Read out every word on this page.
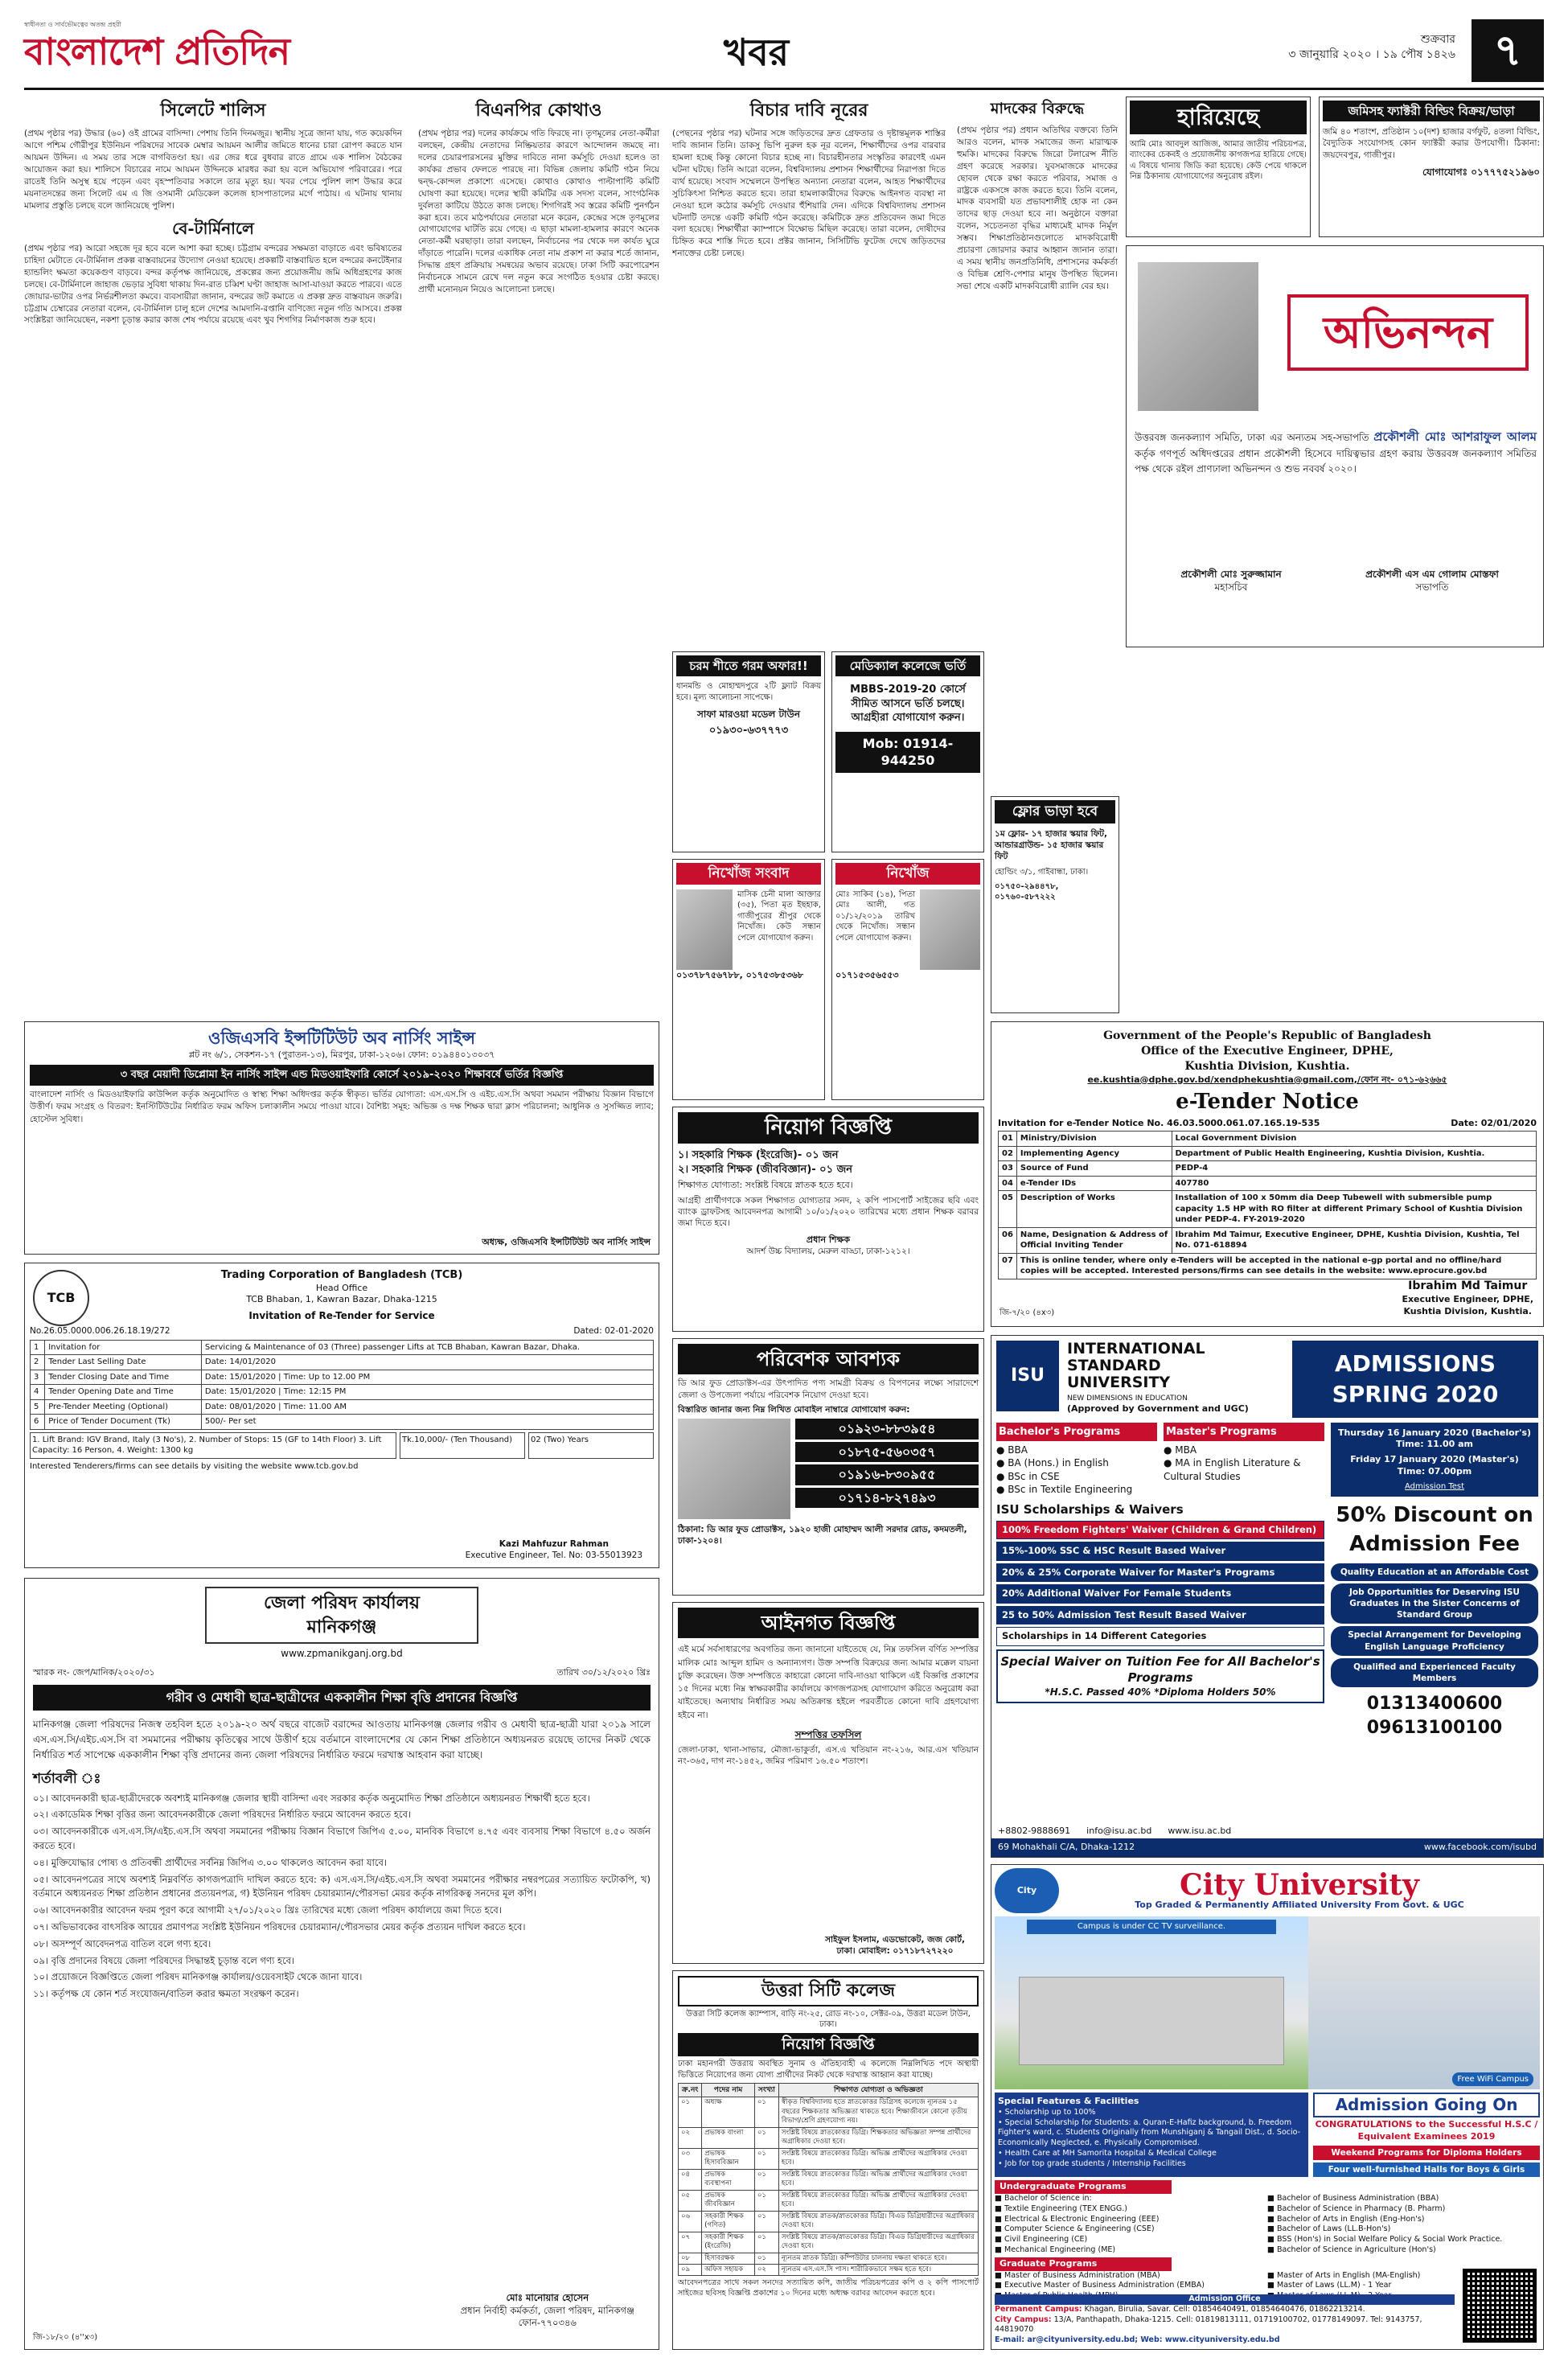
স্বাধীনতা ও সার্বভৌমত্বের অতন্দ্র প্রহরী
বাংলাদেশ প্রতিদিন	খবর	শুক্রবার
৩ জানুয়ারি ২০২০ । ১৯ পৌষ ১৪২৬ ৭
সিলেটে শালিস

(প্রথম পৃষ্ঠার পর) উদ্ধার (৬০) ওই গ্রামের বাসিন্দা। পেশায় তিনি দিনমজুর। স্থানীয় সূত্রে জানা যায়, গত কয়েকদিন আগে পশ্চিম গৌরীপুর ইউনিয়ন পরিষদের সাবেক মেম্বার আয়মন আলীর জমিতে ধানের চারা রোপণ করতে যান আয়মন উদ্দিন। এ সময় তার সঙ্গে বাগবিতণ্ডা হয়। এর জের ধরে বুধবার রাতে গ্রামে এক শালিস বৈঠকের আয়োজন করা হয়। শালিসে বিচারের নামে আয়মন উদ্দিনকে মারধর করা হয় বলে অভিযোগ পরিবারের। পরে রাতেই তিনি অসুস্থ হয়ে পড়েন এবং বৃহস্পতিবার সকালে তার মৃত্যু হয়। খবর পেয়ে পুলিশ লাশ উদ্ধার করে ময়নাতদন্তের জন্য সিলেট এম এ জি ওসমানী মেডিকেল কলেজ হাসপাতালের মর্গে পাঠায়। এ ঘটনায় থানায় মামলার প্রস্তুতি চলছে বলে জানিয়েছে পুলিশ।

বে-টার্মিনালে

(প্রথম পৃষ্ঠার পর) আরো সহজে দূর হবে বলে আশা করা হচ্ছে। চট্টগ্রাম বন্দরের সক্ষমতা বাড়াতে এবং ভবিষ্যতের চাহিদা মেটাতে বে-টার্মিনাল প্রকল্প বাস্তবায়নের উদ্যোগ নেওয়া হয়েছে। প্রকল্পটি বাস্তবায়িত হলে বন্দরের কনটেইনার হ্যান্ডলিং ক্ষমতা কয়েকগুণ বাড়বে। বন্দর কর্তৃপক্ষ জানিয়েছে, প্রকল্পের জন্য প্রয়োজনীয় জমি অধিগ্রহণের কাজ চলছে। বে-টার্মিনালে জাহাজ ভেড়ার সুবিধা থাকায় দিন-রাত চব্বিশ ঘণ্টা জাহাজ আসা-যাওয়া করতে পারবে। এতে জোয়ার-ভাটার ওপর নির্ভরশীলতা কমবে। ব্যবসায়ীরা জানান, বন্দরের জট কমাতে এ প্রকল্প দ্রুত বাস্তবায়ন জরুরি। চট্টগ্রাম চেম্বারের নেতারা বলেন, বে-টার্মিনাল চালু হলে দেশের আমদানি-রপ্তানি বাণিজ্যে নতুন গতি আসবে। প্রকল্প সংশ্লিষ্টরা জানিয়েছেন, নকশা চূড়ান্ত করার কাজ শেষ পর্যায়ে রয়েছে এবং খুব শিগগির নির্মাণকাজ শুরু হবে।

বিএনপির কোথাও

(প্রথম পৃষ্ঠার পর) দলের কার্যক্রমে গতি ফিরছে না। তৃণমূলের নেতা-কর্মীরা বলছেন, কেন্দ্রীয় নেতাদের নিষ্ক্রিয়তার কারণে আন্দোলন জমছে না। দলের চেয়ারপারসনের মুক্তির দাবিতে নানা কর্মসূচি দেওয়া হলেও তা কার্যকর প্রভাব ফেলতে পারছে না। বিভিন্ন জেলায় কমিটি গঠন নিয়ে দ্বন্দ্ব-কোন্দল প্রকাশ্যে এসেছে। কোথাও কোথাও পাল্টাপাল্টি কমিটি ঘোষণা করা হয়েছে। দলের স্থায়ী কমিটির এক সদস্য বলেন, সাংগঠনিক দুর্বলতা কাটিয়ে উঠতে কাজ চলছে। শিগগিরই সব স্তরের কমিটি পুনর্গঠন করা হবে। তবে মাঠপর্যায়ের নেতারা মনে করেন, কেন্দ্রের সঙ্গে তৃণমূলের যোগাযোগের ঘাটতি রয়ে গেছে। এ ছাড়া মামলা-হামলার কারণে অনেক নেতা-কর্মী ঘরছাড়া। তারা বলছেন, নির্বাচনের পর থেকে দল কার্যত ঘুরে দাঁড়াতে পারেনি। দলের একাধিক নেতা নাম প্রকাশ না করার শর্তে জানান, সিদ্ধান্ত গ্রহণ প্রক্রিয়ায় সমন্বয়ের অভাব রয়েছে। ঢাকা সিটি করপোরেশন নির্বাচনকে সামনে রেখে দল নতুন করে সংগঠিত হওয়ার চেষ্টা করছে। প্রার্থী মনোনয়ন নিয়েও আলোচনা চলছে।

বিচার দাবি নূরের

(পেছনের পৃষ্ঠার পর) ঘটনার সঙ্গে জড়িতদের দ্রুত গ্রেফতার ও দৃষ্টান্তমূলক শাস্তির দাবি জানান তিনি। ডাকসু ভিপি নুরুল হক নূর বলেন, শিক্ষার্থীদের ওপর বারবার হামলা হচ্ছে কিন্তু কোনো বিচার হচ্ছে না। বিচারহীনতার সংস্কৃতির কারণেই এমন ঘটনা ঘটছে। তিনি আরো বলেন, বিশ্ববিদ্যালয় প্রশাসন শিক্ষার্থীদের নিরাপত্তা দিতে ব্যর্থ হয়েছে। সংবাদ সম্মেলনে উপস্থিত অন্যান্য নেতারা বলেন, আহত শিক্ষার্থীদের সুচিকিৎসা নিশ্চিত করতে হবে। তারা হামলাকারীদের বিরুদ্ধে আইনগত ব্যবস্থা না নেওয়া হলে কঠোর কর্মসূচি দেওয়ার হুঁশিয়ারি দেন। এদিকে বিশ্ববিদ্যালয় প্রশাসন ঘটনাটি তদন্তে একটি কমিটি গঠন করেছে। কমিটিকে দ্রুত প্রতিবেদন জমা দিতে বলা হয়েছে। শিক্ষার্থীরা ক্যাম্পাসে বিক্ষোভ মিছিল করেছে। তারা বলেন, দোষীদের চিহ্নিত করে শাস্তি দিতে হবে। প্রক্টর জানান, সিসিটিভি ফুটেজ দেখে জড়িতদের শনাক্তের চেষ্টা চলছে।

মাদকের বিরুদ্ধে

(প্রথম পৃষ্ঠার পর) প্রধান অতিথির বক্তব্যে তিনি আরও বলেন, মাদক সমাজের জন্য মারাত্মক হুমকি। মাদকের বিরুদ্ধে জিরো টলারেন্স নীতি গ্রহণ করেছে সরকার। যুবসমাজকে মাদকের ছোবল থেকে রক্ষা করতে পরিবার, সমাজ ও রাষ্ট্রকে একসঙ্গে কাজ করতে হবে। তিনি বলেন, মাদক ব্যবসায়ী যত প্রভাবশালীই হোক না কেন তাদের ছাড় দেওয়া হবে না। অনুষ্ঠানে বক্তারা বলেন, সচেতনতা বৃদ্ধির মাধ্যমেই মাদক নির্মূল সম্ভব। শিক্ষাপ্রতিষ্ঠানগুলোতে মাদকবিরোধী প্রচারণা জোরদার করার আহ্বান জানান তারা। এ সময় স্থানীয় জনপ্রতিনিধি, প্রশাসনের কর্মকর্তা ও বিভিন্ন শ্রেণি-পেশার মানুষ উপস্থিত ছিলেন। সভা শেষে একটি মাদকবিরোধী র‌্যালি বের হয়।

হারিয়েছে
আমি মোঃ আবদুল আজিজ, আমার জাতীয় পরিচয়পত্র, ব্যাংকের চেকবই ও প্রয়োজনীয় কাগজপত্র হারিয়ে গেছে। এ বিষয়ে থানায় জিডি করা হয়েছে। কেউ পেয়ে থাকলে নিম্ন ঠিকানায় যোগাযোগের অনুরোধ রইল।
জমিসহ ফ্যাক্টরী বিল্ডিং বিক্রয়/ভাড়া
জমি ৪০ শতাংশ, প্রতিষ্ঠান ১০(দশ) হাজার বর্গফুট, ৪তলা বিল্ডিং, বৈদ্যুতিক সংযোগসহ কোন ফ্যাক্টরী করার উপযোগী। ঠিকানা: জয়দেবপুর, গাজীপুর।
যোগাযোগঃ ০১৭৭৭৫২১৯৬০
অভিনন্দন
উত্তরবঙ্গ জনকল্যাণ সমিতি, ঢাকা এর অন্যতম সহ-সভাপতি প্রকৌশলী মোঃ আশরাফুল আলম কর্তৃক গণপূর্ত অধিদপ্তরের প্রধান প্রকৌশলী হিসেবে দায়িত্বভার গ্রহণ করায় উত্তরবঙ্গ জনকল্যাণ সমিতির পক্ষ থেকে রইল প্রাণঢালা অভিনন্দন ও শুভ নববর্ষ ২০২০।
প্রকৌশলী মোঃ সুরুজ্জামান
মহাসচিব
প্রকৌশলী এস এম গোলাম মোস্তফা
সভাপতি
চরম শীতে গরম অফার!!
ধানমন্ডি ও মোহাম্মদপুরে ২টি ফ্ল্যাট বিক্রয় হবে। মূল্য আলোচনা সাপেক্ষে।
সাফা মারওয়া মডেল টাউন
০১৯৩০-৬৩৭৭৭৩
মেডিক্যাল কলেজে ভর্তি
MBBS-2019-20 কোর্সে সীমিত আসনে ভর্তি চলছে। আগ্রহীরা যোগাযোগ করুন।
Mob: 01914-944250
ফ্লোর ভাড়া হবে
১ম ফ্লোর- ১৭ হাজার স্কয়ার ফিট, আন্ডারগ্রাউন্ড- ১৫ হাজার স্কয়ার ফিট
হোল্ডিং ৩/১, গাইবান্ধা, ঢাকা।
০১৭৫০-২৯৪৪৭৮, ০১৭৬০-৫৮৭২২২
নিখোঁজ সংবাদ
মাসিক চেনী মালা আক্তার (৩৫), পিতা মৃত ইছহাক, গাজীপুরের শ্রীপুর থেকে নিখোঁজ। কেউ সন্ধান পেলে যোগাযোগ করুন।
০১৩৭৮৭৫৬৭৮৮, ০১৭৫৩৮৫৩৬৮
নিখোঁজ
মোঃ সাকিব (১৪), পিতা মোঃ আলী, গত ০১/১২/২০১৯ তারিখ থেকে নিখোঁজ। সন্ধান পেলে যোগাযোগ করুন।
০১৭১৫৩৫৬৫৫৩
Government of the People's Republic of Bangladesh
Office of the Executive Engineer, DPHE,
Kushtia Division, Kushtia.
ee.kushtia@dphe.gov.bd/xendphekushtia@gmail.com,/ফোন নং- ০৭১-৬২৬৬৫
e-Tender Notice
Invitation for e-Tender Notice No. 46.03.5000.061.07.165.19-535	Date: 02/01/2020
01	Ministry/Division	Local Government Division
02	Implementing Agency	Department of Public Health Engineering, Kushtia Division, Kushtia.
03	Source of Fund	PEDP-4
04	e-Tender IDs	407780
05	Description of Works	Installation of 100 x 50mm dia Deep Tubewell with submersible pump capacity 1.5 HP with RO filter at different Primary School of Kushtia Division under PEDP-4. FY-2019-2020
06	Name, Designation & Address of Official Inviting Tender	Ibrahim Md Taimur, Executive Engineer, DPHE, Kushtia Division, Kushtia, Tel No. 071-618894
07	This is online tender, where only e-Tenders will be accepted in the national e-gp portal and no offline/hard copies will be accepted. Interested persons/firms can see details in the website: www.eprocure.gov.bd	
Ibrahim Md Taimur
Executive Engineer, DPHE,
Kushtia Division, Kushtia.
জি-৭/২০ (৪x৩)
ওজিএসবি ইন্সটিটিউট অব নার্সিং সাইন্স
প্লট নং ৬/১, সেকশন-১৭ (পুরাতন-১৩), মিরপুর, ঢাকা-১২০৬। ফোন: ০১৯৪৪০১৩০৩৭
৩ বছর মেয়াদী ডিপ্লোমা ইন নার্সিং সাইন্স এন্ড মিডওয়াইফারি কোর্সে ২০১৯-২০২০ শিক্ষাবর্ষে ভর্তির বিজ্ঞপ্তি
বাংলাদেশ নার্সিং ও মিডওয়াইফারি কাউন্সিল কর্তৃক অনুমোদিত ও স্বাস্থ্য শিক্ষা অধিদপ্তর কর্তৃক স্বীকৃত। ভর্তির যোগ্যতা: এস.এস.সি ও এইচ.এস.সি অথবা সমমান পরীক্ষায় বিজ্ঞান বিভাগে উত্তীর্ণ। ফরম সংগ্রহ ও বিতরণ: ইনস্টিটিউটের নির্ধারিত ফরম অফিস চলাকালীন সময়ে পাওয়া যাবে। বৈশিষ্ট্য সমূহ: অভিজ্ঞ ও দক্ষ শিক্ষক দ্বারা ক্লাস পরিচালনা; আধুনিক ও সুসজ্জিত ল্যাব; হোস্টেল সুবিধা।
অধ্যক্ষ, ওজিএসবি ইন্সটিটিউট অব নার্সিং সাইন্স
নিয়োগ বিজ্ঞপ্তি
১। সহকারি শিক্ষক (ইংরেজি)- ০১ জন
২। সহকারি শিক্ষক (জীববিজ্ঞান)- ০১ জন
শিক্ষাগত যোগ্যতা: সংশ্লিষ্ট বিষয়ে স্নাতক হতে হবে।
আগ্রহী প্রার্থীগণকে সকল শিক্ষাগত যোগ্যতার সনদ, ২ কপি পাসপোর্ট সাইজের ছবি এবং ব্যাংক ড্রাফটসহ আবেদনপত্র আগামী ১০/০১/২০২০ তারিখের মধ্যে প্রধান শিক্ষক বরাবর জমা দিতে হবে।
প্রধান শিক্ষক
আদর্শ উচ্চ বিদ্যালয়, মেরুল বাড্ডা, ঢাকা-১২১২।
TCB
Trading Corporation of Bangladesh (TCB)
Head Office
TCB Bhaban, 1, Kawran Bazar, Dhaka-1215
Invitation of Re-Tender for Service
No.26.05.0000.006.26.18.19/272	Dated: 02-01-2020
1	Invitation for	Servicing & Maintenance of 03 (Three) passenger Lifts at TCB Bhaban, Kawran Bazar, Dhaka.
2	Tender Last Selling Date	Date: 14/01/2020
3	Tender Closing Date and Time	Date: 15/01/2020 | Time: Up to 12.00 PM
4	Tender Opening Date and Time	Date: 15/01/2020 | Time: 12:15 PM
5	Pre-Tender Meeting (Optional)	Date: 08/01/2020 | Time: 11.00 AM
6	Price of Tender Document (Tk)	500/- Per set
1. Lift Brand: IGV Brand, Italy (3 No's), 2. Number of Stops: 15 (GF to 14th Floor) 3. Lift Capacity: 16 Person, 4. Weight: 1300 kg
Tk.10,000/- (Ten Thousand)	02 (Two) Years
Interested Tenderers/firms can see details by visiting the website www.tcb.gov.bd
Kazi Mahfuzur Rahman
Executive Engineer, Tel. No: 03-55013923
জেলা পরিষদ কার্যালয়
মানিকগঞ্জ
www.zpmanikganj.org.bd
স্মারক নং- জেপ/মানিক/২০২০/৩১	তারিখ ৩০/১২/২০২০ খ্রিঃ
গরীব ও মেধাবী ছাত্র-ছাত্রীদের এককালীন শিক্ষা বৃত্তি প্রদানের বিজ্ঞপ্তি
মানিকগঞ্জ জেলা পরিষদের নিজস্ব তহবিল হতে ২০১৯-২০ অর্থ বছরে বাজেট বরাদ্দের আওতায় মানিকগঞ্জ জেলার গরীব ও মেধাবী ছাত্র-ছাত্রী যারা ২০১৯ সালে এস.এস.সি/এইচ.এস.সি বা সমমানের পরীক্ষায় কৃতিত্বের সাথে উত্তীর্ণ হয়ে বর্তমানে বাংলাদেশের যে কোন শিক্ষা প্রতিষ্ঠানে অধ্যয়নরত রয়েছে তাদের নিকট থেকে নির্ধারিত শর্ত সাপেক্ষে এককালীন শিক্ষা বৃত্তি প্রদানের জন্য জেলা পরিষদের নির্ধারিত ফরমে দরখাস্ত আহবান করা যাচ্ছে।
শর্তাবলী ঃ
০১। আবেদনকারী ছাত্র-ছাত্রীদেরকে অবশ্যই মানিকগঞ্জ জেলার স্থায়ী বাসিন্দা এবং সরকার কর্তৃক অনুমোদিত শিক্ষা প্রতিষ্ঠানে অধ্যয়নরত শিক্ষার্থী হতে হবে।
০২। একাডেমিক শিক্ষা বৃত্তির জন্য আবেদনকারীকে জেলা পরিষদের নির্ধারিত ফরমে আবেদন করতে হবে।
০৩। আবেদনকারীকে এস.এস.সি/এইচ.এস.সি অথবা সমমানের পরীক্ষায় বিজ্ঞান বিভাগে জিপিএ ৫.০০, মানবিক বিভাগে ৪.৭৫ এবং ব্যবসায় শিক্ষা বিভাগে ৪.৫০ অর্জন করতে হবে।
০৪। মুক্তিযোদ্ধার পোষ্য ও প্রতিবন্ধী প্রার্থীদের সর্বনিম্ন জিপিএ ৩.০০ থাকলেও আবেদন করা যাবে।
০৫। আবেদনপত্রের সাথে অবশ্যই নিম্নবর্ণিত কাগজপত্রাদি দাখিল করতে হবে: ক) এস.এস.সি/এইচ.এস.সি অথবা সমমানের পরীক্ষার নম্বরপত্রের সত্যায়িত ফটোকপি, খ) বর্তমানে অধ্যয়নরত শিক্ষা প্রতিষ্ঠান প্রধানের প্রত্যয়নপত্র, গ) ইউনিয়ন পরিষদ চেয়ারম্যান/পৌরসভা মেয়র কর্তৃক নাগরিকত্ব সনদের মূল কপি।
০৬। আবেদনকারীর আবেদন ফরম পূরণ করে আগামী ২৭/০১/২০২০ খ্রিঃ তারিখের মধ্যে জেলা পরিষদ কার্যালয়ে জমা দিতে হবে।
০৭। অভিভাবকের বাৎসরিক আয়ের প্রমাণপত্র সংশ্লিষ্ট ইউনিয়ন পরিষদের চেয়ারম্যান/পৌরসভার মেয়র কর্তৃক প্রত্যয়ন দাখিল করতে হবে।
০৮। অসম্পূর্ণ আবেদনপত্র বাতিল বলে গণ্য হবে।
০৯। বৃত্তি প্রদানের বিষয়ে জেলা পরিষদের সিদ্ধান্তই চূড়ান্ত বলে গণ্য হবে।
১০। প্রয়োজনে বিজ্ঞপ্তিতে জেলা পরিষদ মানিকগঞ্জ কার্যালয়/ওয়েবসাইট থেকে জানা যাবে।
১১। কর্তৃপক্ষ যে কোন শর্ত সংযোজন/বাতিল করার ক্ষমতা সংরক্ষণ করেন।
মোঃ মানোয়ার হোসেন
প্রধান নির্বাহী কর্মকর্তা, জেলা পরিষদ, মানিকগঞ্জ
ফোন-৭৭০৩৪৬
জি-১৮/২০ (৪''x৩)
পরিবেশক আবশ্যক
ডি আর ফুড প্রোডাক্টস-এর উৎপাদিত পণ্য সামগ্রী বিক্রয় ও বিপণনের লক্ষ্যে সারাদেশে জেলা ও উপজেলা পর্যায়ে পরিবেশক নিয়োগ দেওয়া হবে।
বিস্তারিত জানার জন্য নিম্ন লিখিত মোবাইল নাম্বারে যোগাযোগ করুন:
০১৯২৩-৮৮৩৯৫৪
০১৮৭৫-৫৬০৩৫৭
০১৯১৬-৮৩০৯৫৫
০১৭১৪-৮২৭৪৯৩
ঠিকানা: ডি আর ফুড প্রোডাক্টস, ১৯২০ হাজী মোহাম্মদ আলী সরদার রোড, কদমতলী, ঢাকা-১২০৪।
আইনগত বিজ্ঞপ্তি
এই মর্মে সর্বসাধারণের অবগতির জন্য জানানো যাইতেছে যে, নিম্ন তফসিল বর্ণিত সম্পত্তির মালিক মোঃ আব্দুল হামিদ ও অন্যান্যগণ। উক্ত সম্পত্তি বিক্রয়ের জন্য আমার মক্কেল বায়না চুক্তি করেছেন। উক্ত সম্পত্তিতে কাহারো কোনো দাবি-দাওয়া থাকিলে এই বিজ্ঞপ্তি প্রকাশের ১৫ দিনের মধ্যে নিম্ন স্বাক্ষরকারীর কার্যালয়ে কাগজপত্রসহ যোগাযোগ করিতে অনুরোধ করা যাইতেছে। অন্যথায় নির্ধারিত সময় অতিক্রান্ত হইলে পরবর্তীতে কোনো দাবি গ্রহণযোগ্য হইবে না।
সম্পত্তির তফসিল
জেলা-ঢাকা, থানা-সাভার, মৌজা-ভাকুর্তা, এস.এ খতিয়ান নং-২১৬, আর.এস খতিয়ান নং-৩৬৫, দাগ নং-১৪৫২, জমির পরিমাণ ১৬.৫০ শতাংশ।
সাইফুল ইসলাম, এডভোকেট, জজ কোর্ট, ঢাকা। মোবাইল: ০১৭১৮৭২৭২২০
উত্তরা সিটি কলেজ
উত্তরা সিটি কলেজ ক্যাম্পাস, বাড়ি নং-২৫, রোড নং-১০, সেক্টর-০৯, উত্তরা মডেল টাউন, ঢাকা।
নিয়োগ বিজ্ঞপ্তি
ঢাকা মহানগরী উত্তরায় অবস্থিত সুনাম ও ঐতিহ্যবাহী এ কলেজে নিম্নলিখিত পদে অস্থায়ী ভিত্তিতে নিয়োগের জন্য যোগ্য প্রার্থীদের নিকট থেকে দরখাস্ত আহ্বান করা যাচ্ছে।
ক্র.নং	পদের নাম	সংখ্যা	শিক্ষাগত যোগ্যতা ও অভিজ্ঞতা
০১	অধ্যক্ষ	০১	স্বীকৃত বিশ্ববিদ্যালয় হতে স্নাতকোত্তর ডিগ্রিসহ কলেজে ন্যূনতম ১৫ বছরের শিক্ষকতার অভিজ্ঞতা থাকতে হবে। শিক্ষাজীবনে কোনো তৃতীয় বিভাগ/শ্রেণি গ্রহণযোগ্য নয়।
০২	প্রভাষক বাংলা	০১	সংশ্লিষ্ট বিষয়ে স্নাতকোত্তর ডিগ্রি। শিক্ষকতার অভিজ্ঞতা সম্পন্ন প্রার্থীদের অগ্রাধিকার দেওয়া হবে।
০৩	প্রভাষক হিসাববিজ্ঞান	০১	সংশ্লিষ্ট বিষয়ে স্নাতকোত্তর ডিগ্রি। অভিজ্ঞ প্রার্থীদের অগ্রাধিকার দেওয়া হবে।
০৪	প্রভাষক ব্যবস্থাপনা	০১	সংশ্লিষ্ট বিষয়ে স্নাতকোত্তর ডিগ্রি। অভিজ্ঞ প্রার্থীদের অগ্রাধিকার দেওয়া হবে।
০৫	প্রভাষক জীববিজ্ঞান	০১	সংশ্লিষ্ট বিষয়ে স্নাতকোত্তর ডিগ্রি। অভিজ্ঞ প্রার্থীদের অগ্রাধিকার দেওয়া হবে।
০৬	সহকারী শিক্ষক (গণিত)	০১	সংশ্লিষ্ট বিষয়ে স্নাতক/স্নাতকোত্তর ডিগ্রি। বিএড ডিগ্রিধারীদের অগ্রাধিকার দেওয়া হবে।
০৭	সহকারী শিক্ষক (ইংরেজি)	০১	সংশ্লিষ্ট বিষয়ে স্নাতক/স্নাতকোত্তর ডিগ্রি। বিএড ডিগ্রিধারীদের অগ্রাধিকার দেওয়া হবে।
০৮	হিসাবরক্ষক	০১	ন্যূনতম স্নাতক ডিগ্রি। কম্পিউটার চালনায় দক্ষতা থাকতে হবে।
০৯	অফিস সহায়ক	০২	ন্যূনতম এস.এস.সি পাস। শারীরিকভাবে সক্ষম হতে হবে।
আবেদনপত্রের সাথে সকল সনদের সত্যায়িত কপি, জাতীয় পরিচয়পত্রের কপি ও ২ কপি পাসপোর্ট সাইজের ছবিসহ বিজ্ঞপ্তি প্রকাশের ১০ দিনের মধ্যে অধ্যক্ষ বরাবর আবেদন করতে হবে।
ISU
INTERNATIONAL
STANDARD
UNIVERSITY
NEW DIMENSIONS IN EDUCATION
(Approved by Government and UGC)
ADMISSIONS
SPRING 2020
Bachelor's Programs
● BBA
● BA (Hons.) in English
● BSc in CSE
● BSc in Textile Engineering
Master's Programs
● MBA
● MA in English Literature & Cultural Studies
Thursday 16 January 2020 (Bachelor's) Time: 11.00 am
Friday 17 January 2020 (Master's) Time: 07.00pm
Admission Test
ISU Scholarships & Waivers
100% Freedom Fighters' Waiver (Children & Grand Children)
15%-100% SSC & HSC Result Based Waiver
20% & 25% Corporate Waiver for Master's Programs
20% Additional Waiver For Female Students
25 to 50% Admission Test Result Based Waiver
Scholarships in 14 Different Categories
Special Waiver on Tuition Fee for All Bachelor's Programs
*H.S.C. Passed 40% *Diploma Holders 50%
50% Discount on
Admission Fee
Quality Education at an Affordable Cost
Job Opportunities for Deserving ISU Graduates in the Sister Concerns of Standard Group
Special Arrangement for Developing English Language Proficiency
Qualified and Experienced Faculty Members
01313400600
09613100100
69 Mohakhali C/A, Dhaka-1212	www.facebook.com/isubd
+8802-9888691 info@isu.ac.bd www.isu.ac.bd
City	City University
Top Graded & Permanently Affiliated University From Govt. & UGC
Campus is under CC TV surveillance.
Free WiFi Campus
Special Features & Facilities
• Scholarship up to 100%
• Special Scholarship for Students: a. Quran-E-Hafiz background, b. Freedom Fighter's ward, c. Students Originally from Munshiganj & Tangail Dist., d. Socio-Economically Neglected, e. Physically Compromised.
• Health Care at MH Samorita Hospital & Medical College
• Job for top grade students / Internship Facilities
Admission Going On
CONGRATULATIONS to the Successful H.S.C / Equivalent Examinees 2019
Weekend Programs for Diploma Holders
Four well-furnished Halls for Boys & Girls
Undergraduate Programs
■ Bachelor of Science in:
■ Textile Engineering (TEX ENGG.)
■ Electrical & Electronic Engineering (EEE)
■ Computer Science & Engineering (CSE)
■ Civil Engineering (CE)
■ Mechanical Engineering (ME)
■ Bachelor of Business Administration (BBA)
■ Bachelor of Science in Pharmacy (B. Pharm)
■ Bachelor of Arts in English (Eng-Hon's)
■ Bachelor of Laws (LL.B-Hon's)
■ BSS (Hon's) in Social Welfare Policy & Social Work Practice.
■ Bachelor of Science in Agriculture (Hon's)
Graduate Programs
■ Master of Business Administration (MBA)
■ Executive Master of Business Administration (EMBA)
■ Master of Arts in English (MA-English)
■ Master of Laws (LL.M) - 1 Year
Admission Office
Permanent Campus: Khagan, Birulia, Savar. Cell: 01854640491, 01854640476, 01862213214.
City Campus: 13/A, Panthapath, Dhaka-1215. Cell: 01819813111, 01719100702, 01778149097. Tel: 9143757, 44819070
E-mail: ar@cityuniversity.edu.bd; Web: www.cityuniversity.edu.bd
